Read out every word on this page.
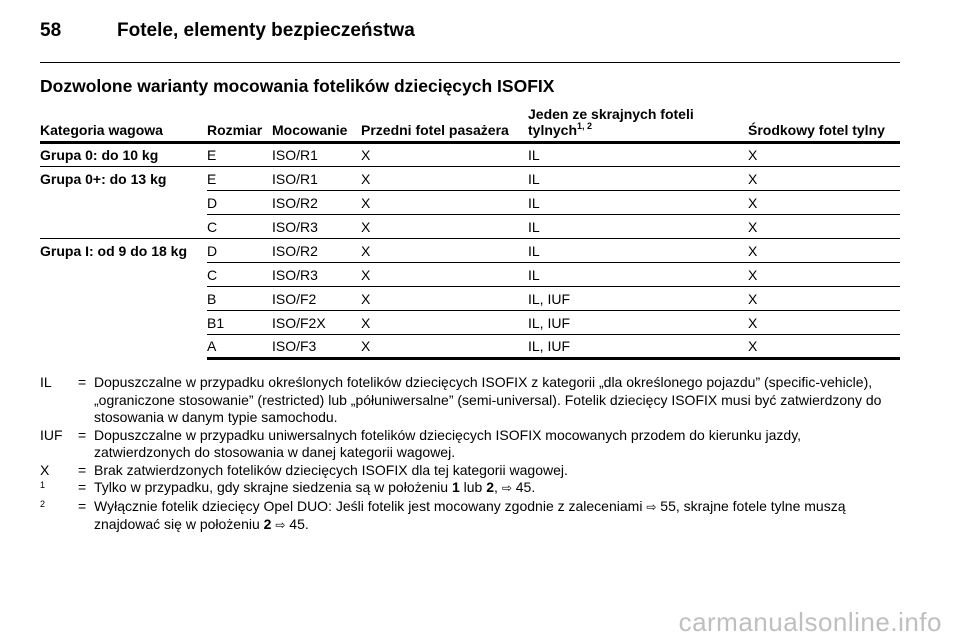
58	Fotele, elementy bezpieczeństwa
Dozwolone warianty mocowania fotelików dziecięcych ISOFIX
Kategoria wagowa	Rozmiar	Mocowanie	Przedni fotel pasażera	Jeden ze skrajnych foteli
tylnych$^{1, 2}$	Środkowy fotel tylny
Grupa 0: do 10 kg	E	ISO/R1	X	IL	X
Grupa 0+: do 13 kg	E	ISO/R1	X	IL	X
	D	ISO/R2	X	IL	X
	C	ISO/R3	X	IL	X
Grupa I: od 9 do 18 kg	D	ISO/R2	X	IL	X
	C	ISO/R3	X	IL	X
	B	ISO/F2	X	IL, IUF	X
	B1	ISO/F2X	X	IL, IUF	X
	A	ISO/F3	X	IL, IUF	X
IL	= Dopuszczalne w przypadku określonych fotelików dziecięcych ISOFIX z kategorii „dla określonego pojazdu” (specific-vehicle), „ograniczone stosowanie” (restricted) lub „półuniwersalne” (semi-universal). Fotelik dziecięcy ISOFIX musi być zatwierdzony do stosowania w danym typie samochodu.
IUF	= Dopuszczalne w przypadku uniwersalnych fotelików dziecięcych ISOFIX mocowanych przodem do kierunku jazdy, zatwierdzonych do stosowania w danej kategorii wagowej.
X	= Brak zatwierdzonych fotelików dziecięcych ISOFIX dla tej kategorii wagowej.
1	= Tylko w przypadku, gdy skrajne siedzenia są w położeniu 1 lub 2, ⇨ 45.
2	= Wyłącznie fotelik dziecięcy Opel DUO: Jeśli fotelik jest mocowany zgodnie z zaleceniami ⇨ 55, skrajne fotele tylne muszą znajdować się w położeniu 2 ⇨ 45.
carmanualsonline.info
